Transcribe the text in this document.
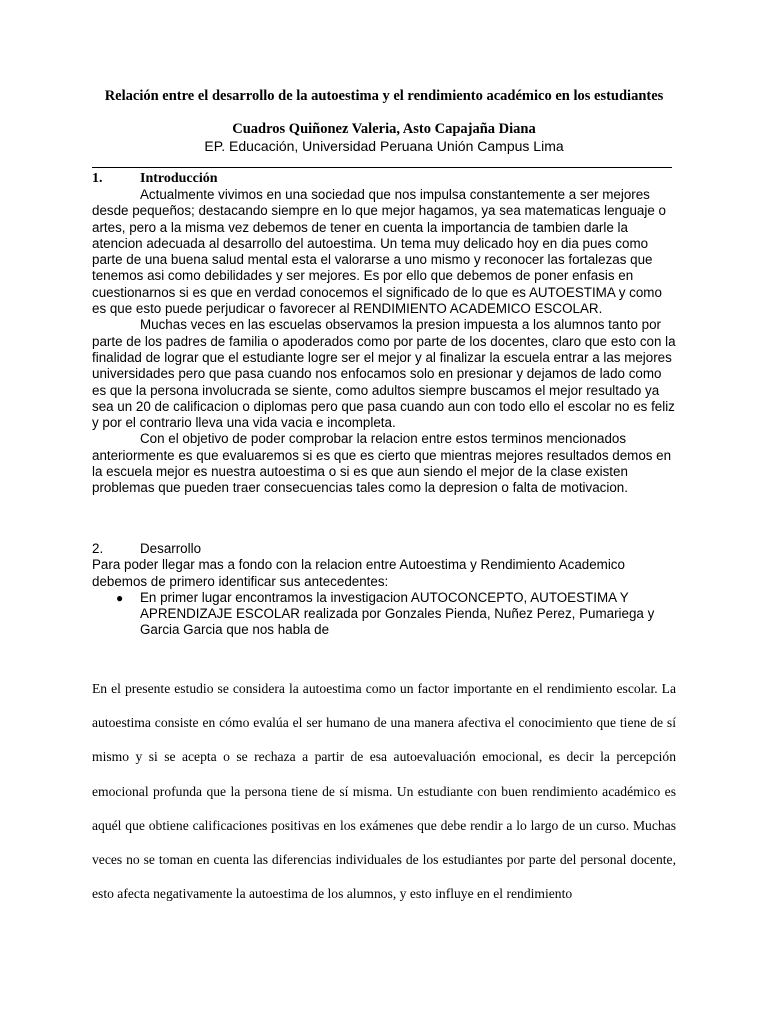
Relación entre el desarrollo de la autoestima y el rendimiento académico en los estudiantes
Cuadros Quiñonez Valeria, Asto Capajaña Diana
EP. Educación, Universidad Peruana Unión Campus Lima
1.	Introducción

Actualmente vivimos en una sociedad que nos impulsa constantemente a ser mejores desde pequeños; destacando siempre en lo que mejor hagamos, ya sea matematicas lenguaje o artes, pero a la misma vez debemos de tener en cuenta la importancia de tambien darle la atencion adecuada al desarrollo del autoestima. Un tema muy delicado hoy en dia pues como parte de una buena salud mental esta el valorarse a uno mismo y reconocer las fortalezas que tenemos asi como debilidades y ser mejores. Es por ello que debemos de poner enfasis en cuestionarnos si es que en verdad conocemos el significado de lo que es AUTOESTIMA y como es que esto puede perjudicar o favorecer al RENDIMIENTO ACADEMICO ESCOLAR.

Muchas veces en las escuelas observamos la presion impuesta a los alumnos tanto por parte de los padres de familia o apoderados como por parte de los docentes, claro que esto con la finalidad de lograr que el estudiante logre ser el mejor y al finalizar la escuela entrar a las mejores universidades pero que pasa cuando nos enfocamos solo en presionar y dejamos de lado como es que la persona involucrada se siente, como adultos siempre buscamos el mejor resultado ya sea un 20 de calificacion o diplomas pero que pasa cuando aun con todo ello el escolar no es feliz y por el contrario lleva una vida vacia e incompleta.

Con el objetivo de poder comprobar la relacion entre estos terminos mencionados anteriormente es que evaluaremos si es que es cierto que mientras mejores resultados demos en la escuela mejor es nuestra autoestima o si es que aun siendo el mejor de la clase existen problemas que pueden traer consecuencias tales como la depresion o falta de motivacion.

2.	Desarrollo
Para poder llegar mas a fondo con la relacion entre Autoestima y Rendimiento Academico debemos de primero identificar sus antecedentes:
●	En primer lugar encontramos la investigacion AUTOCONCEPTO, AUTOESTIMA Y APRENDIZAJE ESCOLAR realizada por Gonzales Pienda, Nuñez Perez, Pumariega y Garcia Garcia que nos habla de

En el presente estudio se considera la autoestima como un factor importante en el rendimiento escolar. La autoestima consiste en cómo evalúa el ser humano de una manera afectiva el conocimiento que tiene de sí mismo y si se acepta o se rechaza a partir de esa autoevaluación emocional, es decir la percepción emocional profunda que la persona tiene de sí misma. Un estudiante con buen rendimiento académico es aquél que obtiene calificaciones positivas en los exámenes que debe rendir a lo largo de un curso. Muchas veces no se toman en cuenta las diferencias individuales de los estudiantes por parte del personal docente, esto afecta negativamente la autoestima de los alumnos, y esto influye en el rendimiento
